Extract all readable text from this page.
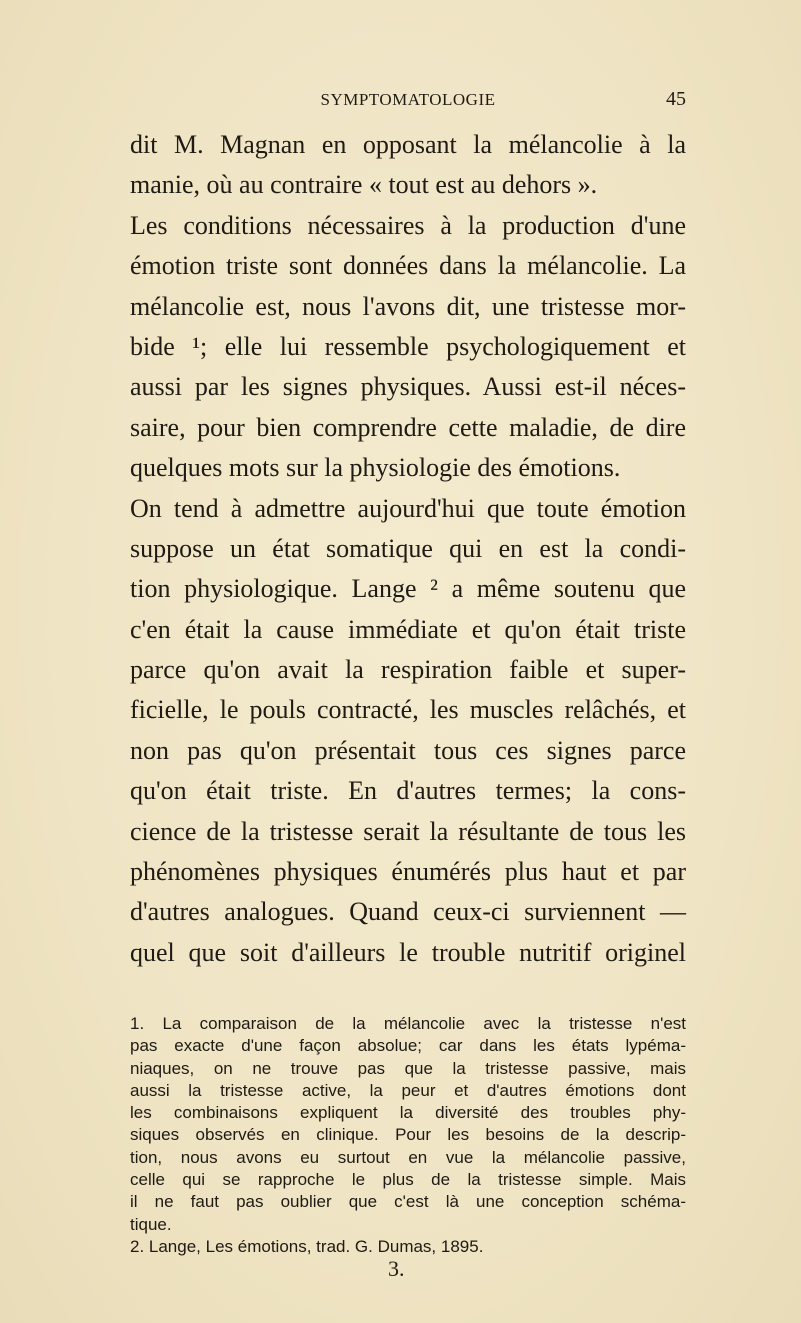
SYMPTOMATOLOGIE	45
dit M. Magnan en opposant la mélancolie à la
manie, où au contraire « tout est au dehors ».
Les conditions nécessaires à la production d'une
émotion triste sont données dans la mélancolie. La
mélancolie est, nous l'avons dit, une tristesse mor-
bide ¹; elle lui ressemble psychologiquement et
aussi par les signes physiques. Aussi est-il néces-
saire, pour bien comprendre cette maladie, de dire
quelques mots sur la physiologie des émotions.
On tend à admettre aujourd'hui que toute émotion
suppose un état somatique qui en est la condi-
tion physiologique. Lange ² a même soutenu que
c'en était la cause immédiate et qu'on était triste
parce qu'on avait la respiration faible et super-
ficielle, le pouls contracté, les muscles relâchés, et
non pas qu'on présentait tous ces signes parce
qu'on était triste. En d'autres termes; la cons-
cience de la tristesse serait la résultante de tous les
phénomènes physiques énumérés plus haut et par
d'autres analogues. Quand ceux-ci surviennent —
quel que soit d'ailleurs le trouble nutritif originel
1. La comparaison de la mélancolie avec la tristesse n'est
pas exacte d'une façon absolue; car dans les états lypéma-
niaques, on ne trouve pas que la tristesse passive, mais
aussi la tristesse active, la peur et d'autres émotions dont
les combinaisons expliquent la diversité des troubles phy-
siques observés en clinique. Pour les besoins de la descrip-
tion, nous avons eu surtout en vue la mélancolie passive,
celle qui se rapproche le plus de la tristesse simple. Mais
il ne faut pas oublier que c'est là une conception schéma-
tique.
2. Lange, Les émotions, trad. G. Dumas, 1895.
3.
